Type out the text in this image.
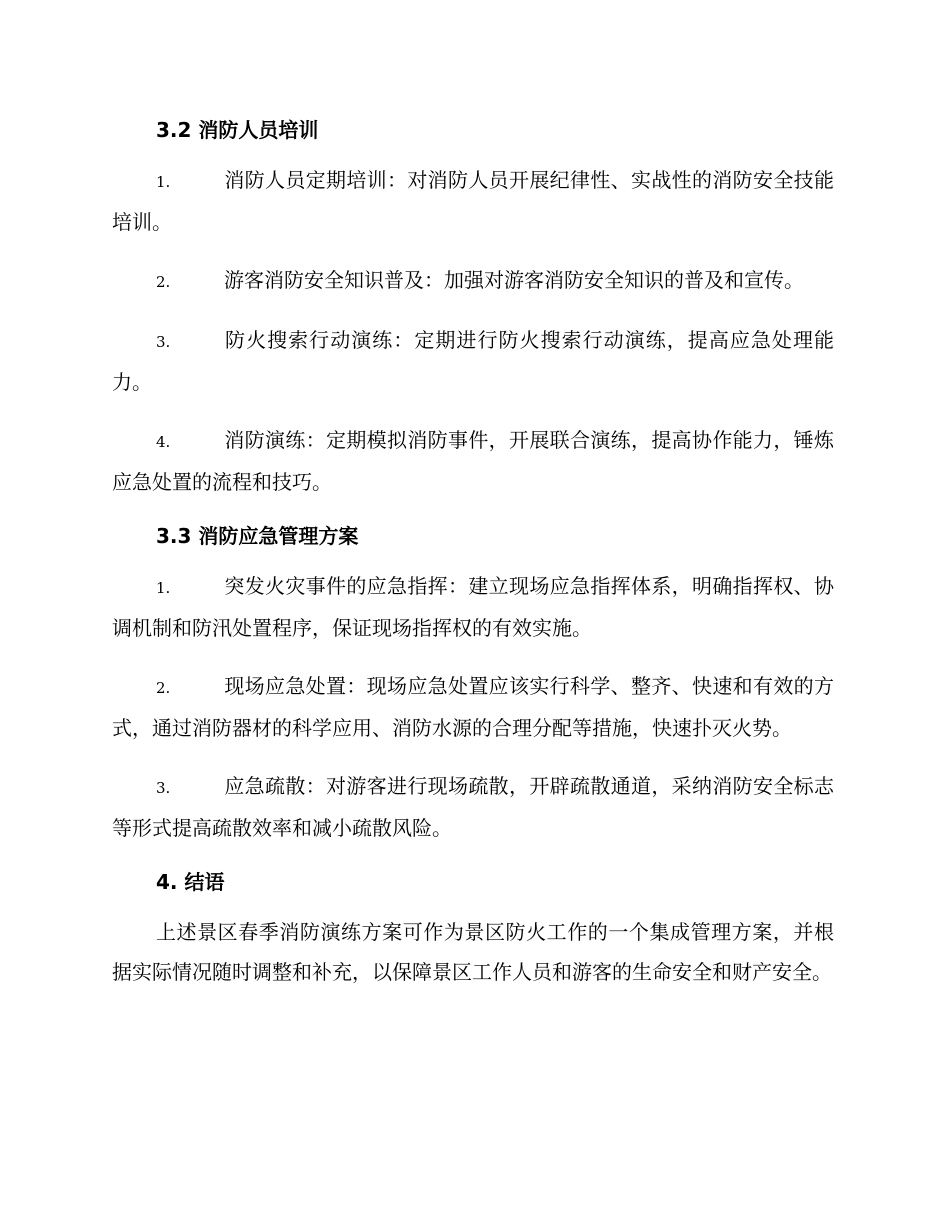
3.2 消防人员培训

1.	消防人员定期培训：对消防人员开展纪律性、实战性的消防安全技能培训。

2.	游客消防安全知识普及：加强对游客消防安全知识的普及和宣传。

3.	防火搜索行动演练：定期进行防火搜索行动演练，提高应急处理能力。

4.	消防演练：定期模拟消防事件，开展联合演练，提高协作能力，锤炼应急处置的流程和技巧。

3.3 消防应急管理方案

1.	突发火灾事件的应急指挥：建立现场应急指挥体系，明确指挥权、协调机制和防汛处置程序，保证现场指挥权的有效实施。

2.	现场应急处置：现场应急处置应该实行科学、整齐、快速和有效的方式，通过消防器材的科学应用、消防水源的合理分配等措施，快速扑灭火势。

3.	应急疏散：对游客进行现场疏散，开辟疏散通道，采纳消防安全标志等形式提高疏散效率和减小疏散风险。

4. 结语

上述景区春季消防演练方案可作为景区防火工作的一个集成管理方案，并根据实际情况随时调整和补充，以保障景区工作人员和游客的生命安全和财产安全。
